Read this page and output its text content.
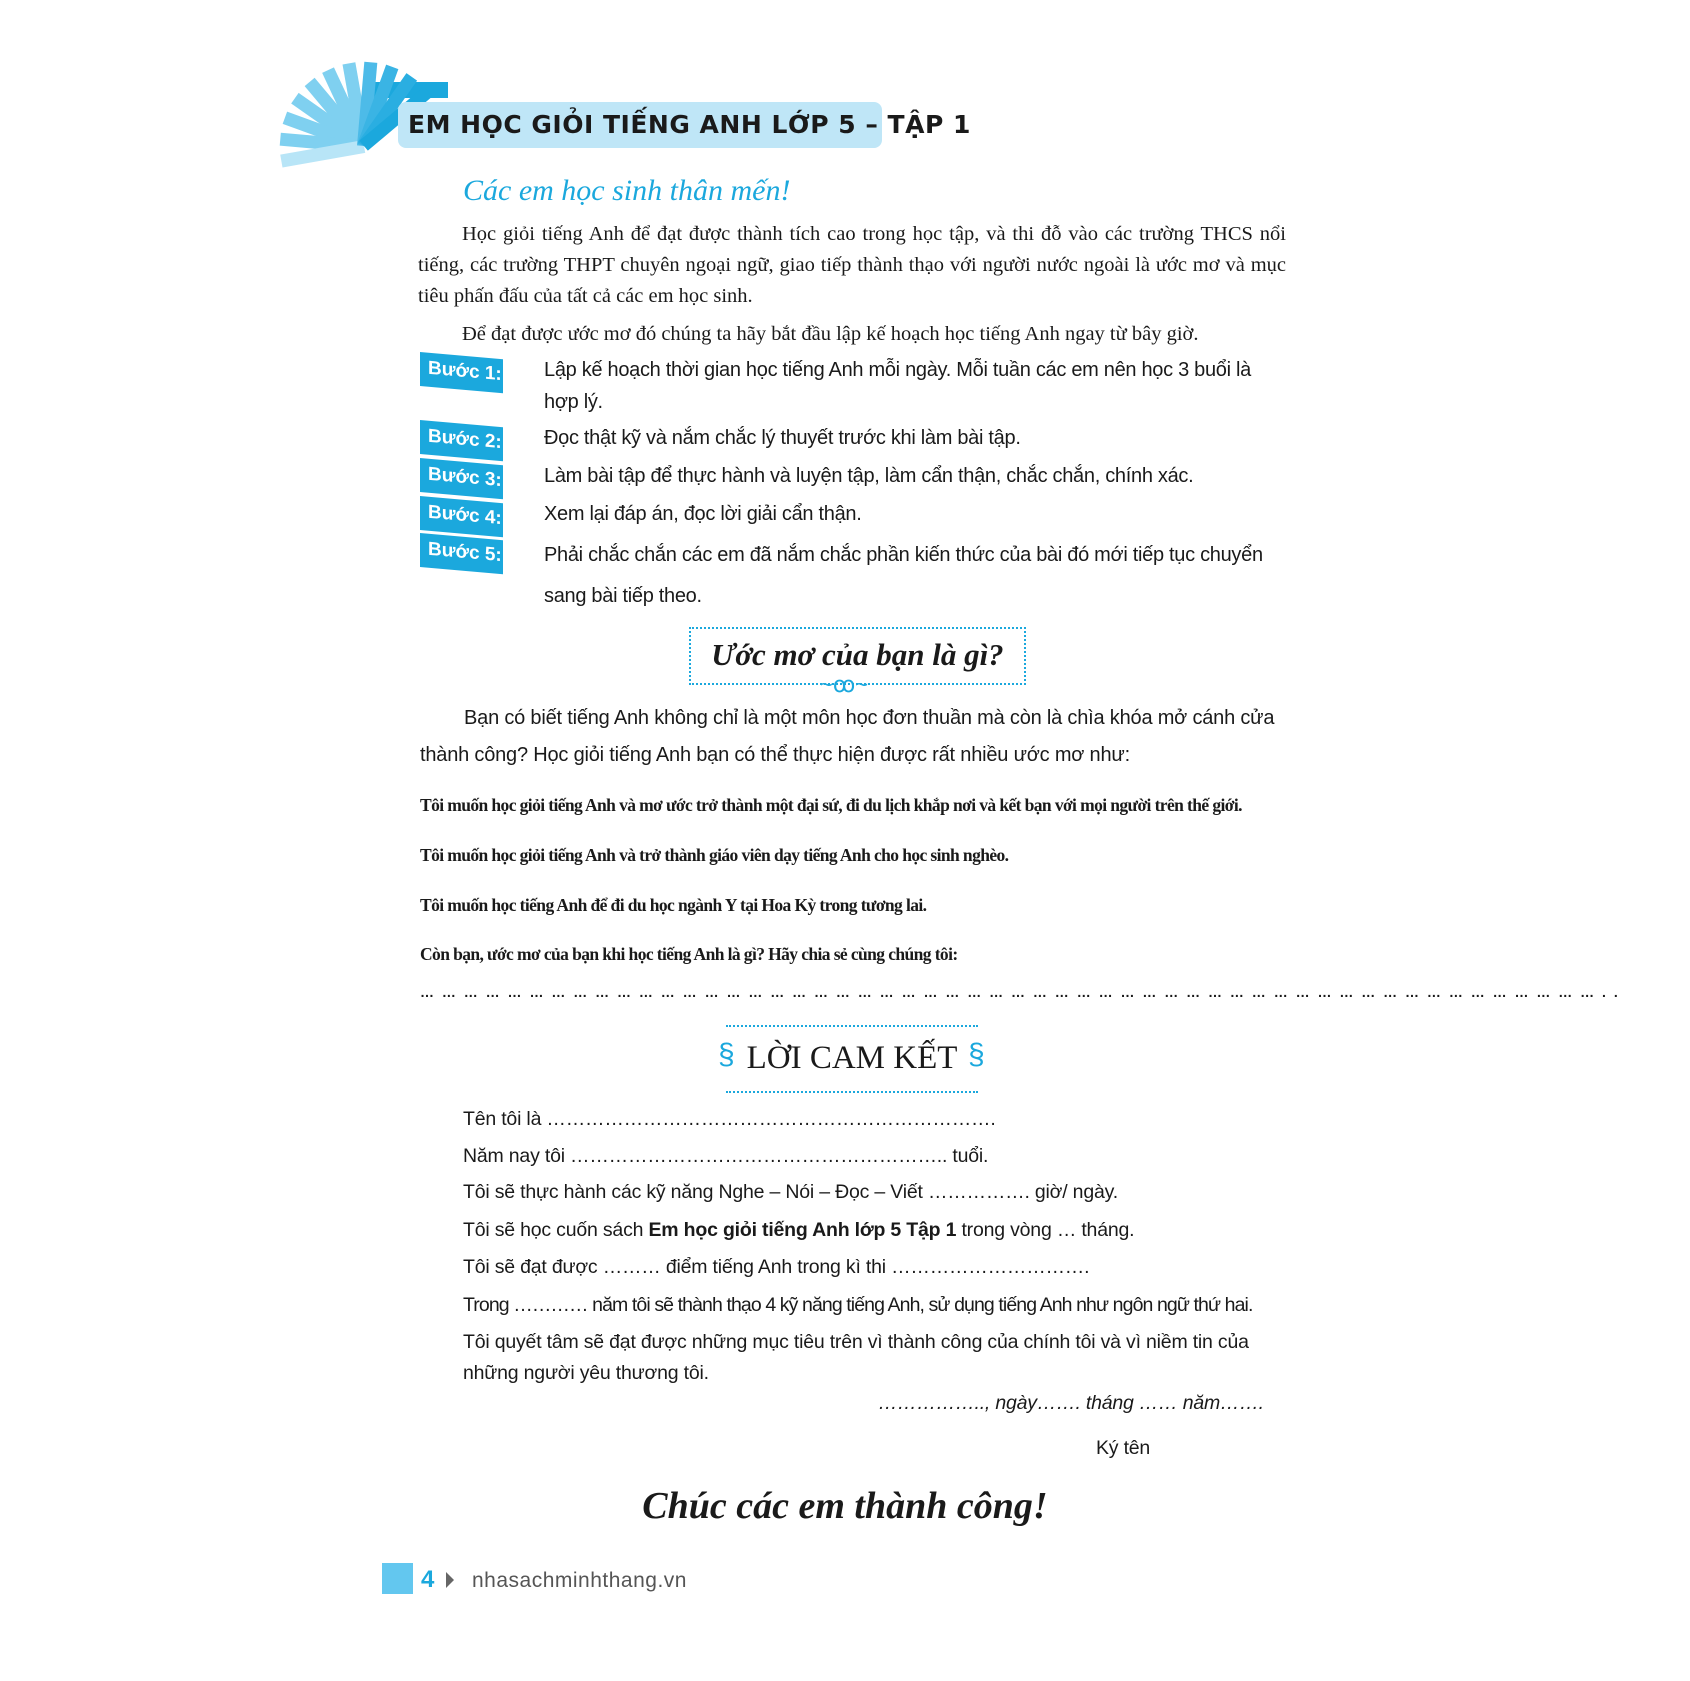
EM HỌC GIỎI TIẾNG ANH LỚP 5 – TẬP 1
Các em học sinh thân mến!
Học giỏi tiếng Anh để đạt được thành tích cao trong học tập, và thi đỗ vào các trường THCS nổi tiếng, các trường THPT chuyên ngoại ngữ, giao tiếp thành thạo với người nước ngoài là ước mơ và mục tiêu phấn đấu của tất cả các em học sinh.
Để đạt được ước mơ đó chúng ta hãy bắt đầu lập kế hoạch học tiếng Anh ngay từ bây giờ.
Bước 1: Lập kế hoạch thời gian học tiếng Anh mỗi ngày. Mỗi tuần các em nên học 3 buổi là hợp lý.
Bước 2: Đọc thật kỹ và nắm chắc lý thuyết trước khi làm bài tập.
Bước 3: Làm bài tập để thực hành và luyện tập, làm cẩn thận, chắc chắn, chính xác.
Bước 4: Xem lại đáp án, đọc lời giải cẩn thận.
Bước 5: Phải chắc chắn các em đã nắm chắc phần kiến thức của bài đó mới tiếp tục chuyển sang bài tiếp theo.
Ước mơ của bạn là gì?
~ꝏ~
Bạn có biết tiếng Anh không chỉ là một môn học đơn thuần mà còn là chìa khóa mở cánh cửa thành công? Học giỏi tiếng Anh bạn có thể thực hiện được rất nhiều ước mơ như:
Tôi muốn học giỏi tiếng Anh và mơ ước trở thành một đại sứ, đi du lịch khắp nơi và kết bạn với mọi người trên thế giới.
Tôi muốn học giỏi tiếng Anh và trở thành giáo viên dạy tiếng Anh cho học sinh nghèo.
Tôi muốn học tiếng Anh để đi du học ngành Y tại Hoa Kỳ trong tương lai.
Còn bạn, ước mơ của bạn khi học tiếng Anh là gì? Hãy chia sẻ cùng chúng tôi:
… … … … … … … … … … … … … … … … … … … … … … … … … … … … … … … … … … … … … … … … … … … … … … … … … … … … … … . .
LỜI CAM KẾT
§	§
Tên tôi là …………………………………………………………….
Năm nay tôi ………………………………………………….. tuổi.
Tôi sẽ thực hành các kỹ năng Nghe – Nói – Đọc – Viết ……………. giờ/ ngày.
Tôi sẽ học cuốn sách Em học giỏi tiếng Anh lớp 5 Tập 1 trong vòng … tháng.
Tôi sẽ đạt được ……… điểm tiếng Anh trong kì thi ………………………….
Trong ………… năm tôi sẽ thành thạo 4 kỹ năng tiếng Anh, sử dụng tiếng Anh như ngôn ngữ thứ hai.
Tôi quyết tâm sẽ đạt được những mục tiêu trên vì thành công của chính tôi và vì niềm tin của
những người yêu thương tôi.
…………….., ngày……. tháng …… năm…….
Ký tên
Chúc các em thành công!
4 nhasachminhthang.vn
